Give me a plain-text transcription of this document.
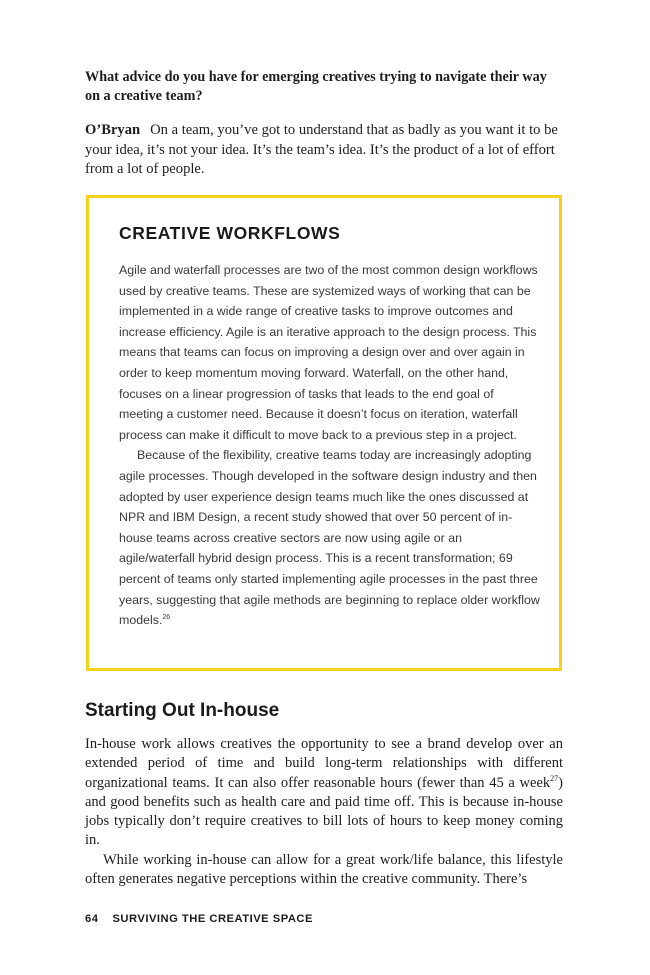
What advice do you have for emerging creatives trying to navigate their way on a creative team?
O’Bryan On a team, you’ve got to understand that as badly as you want it to be your idea, it’s not your idea. It’s the team’s idea. It’s the product of a lot of effort from a lot of people.
CREATIVE WORKFLOWS

Agile and waterfall processes are two of the most common design workflows used by creative teams. These are systemized ways of working that can be implemented in a wide range of creative tasks to improve outcomes and increase efficiency. Agile is an iterative approach to the design process. This means that teams can focus on improving a design over and over again in order to keep momentum moving forward. Waterfall, on the other hand, focuses on a linear progression of tasks that leads to the end goal of meeting a customer need. Because it doesn’t focus on iteration, waterfall process can make it difficult to move back to a previous step in a project.

Because of the flexibility, creative teams today are increasingly adopting agile processes. Though developed in the software design industry and then adopted by user experience design teams much like the ones discussed at NPR and IBM Design, a recent study showed that over 50 percent of in-house teams across creative sectors are now using agile or an agile/waterfall hybrid design process. This is a recent transformation; 69 percent of teams only started implementing agile processes in the past three years, suggesting that agile methods are beginning to replace older workflow models.$^{26}$

Starting Out In-house

In-house work allows creatives the opportunity to see a brand develop over an extended period of time and build long-term relationships with different organizational teams. It can also offer reasonable hours (fewer than 45 a week$^{27}$) and good benefits such as health care and paid time off. This is because in-house jobs typically don’t require creatives to bill lots of hours to keep money coming in.

While working in-house can allow for a great work/life balance, this lifestyle often generates negative perceptions within the creative community. There’s

64 SURVIVING THE CREATIVE SPACE
